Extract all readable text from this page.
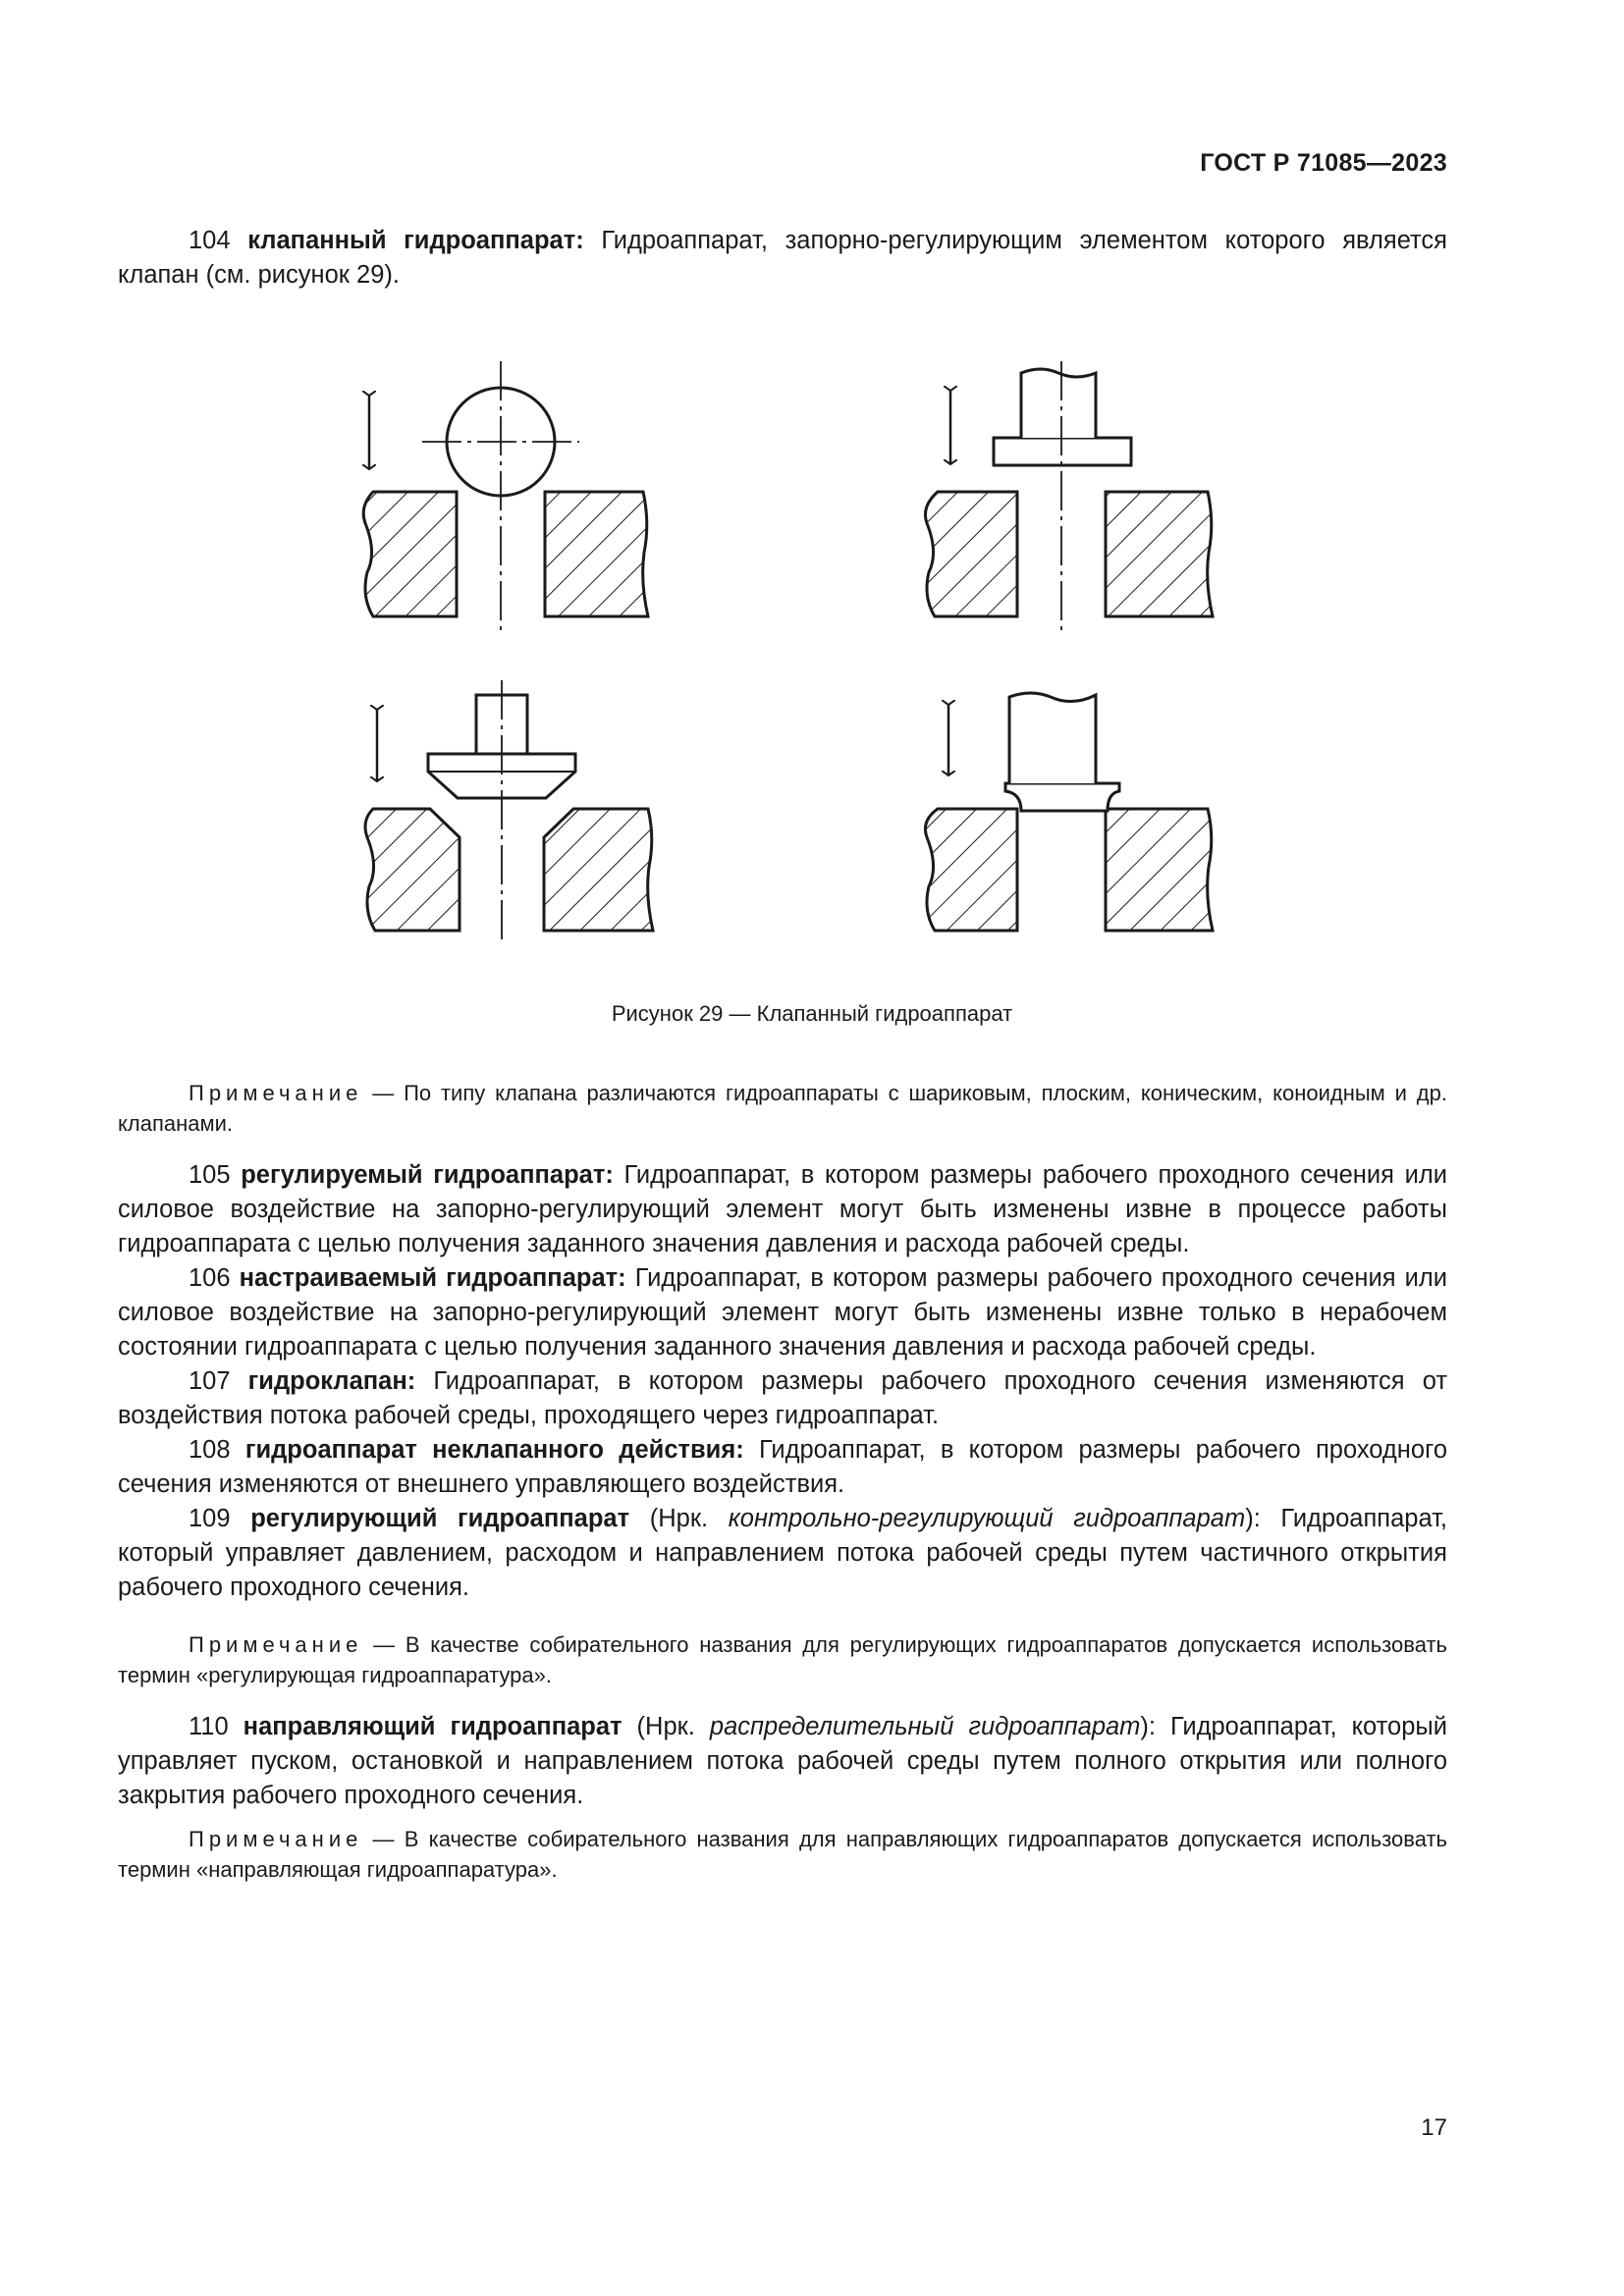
ГОСТ Р 71085—2023

104 клапанный гидроаппарат: Гидроаппарат, запорно-регулирующим элементом которого является клапан (см. рисунок 29).

Рисунок 29 — Клапанный гидроаппарат

Примечание — По типу клапана различаются гидроаппараты с шариковым, плоским, коническим, коноидным и др. клапанами.

105 регулируемый гидроаппарат: Гидроаппарат, в котором размеры рабочего проходного сечения или силовое воздействие на запорно-регулирующий элемент могут быть изменены извне в процессе работы гидроаппарата с целью получения заданного значения давления и расхода рабочей среды.

106 настраиваемый гидроаппарат: Гидроаппарат, в котором размеры рабочего проходного сечения или силовое воздействие на запорно-регулирующий элемент могут быть изменены извне только в нерабочем состоянии гидроаппарата с целью получения заданного значения давления и расхода рабочей среды.

107 гидроклапан: Гидроаппарат, в котором размеры рабочего проходного сечения изменяются от воздействия потока рабочей среды, проходящего через гидроаппарат.

108 гидроаппарат неклапанного действия: Гидроаппарат, в котором размеры рабочего проходного сечения изменяются от внешнего управляющего воздействия.

109 регулирующий гидроаппарат (Нрк. контрольно-регулирующий гидроаппарат): Гидроаппарат, который управляет давлением, расходом и направлением потока рабочей среды путем частичного открытия рабочего проходного сечения.

Примечание — В качестве собирательного названия для регулирующих гидроаппаратов допускается использовать термин «регулирующая гидроаппаратура».

110 направляющий гидроаппарат (Нрк. распределительный гидроаппарат): Гидроаппарат, который управляет пуском, остановкой и направлением потока рабочей среды путем полного открытия или полного закрытия рабочего проходного сечения.

Примечание — В качестве собирательного названия для направляющих гидроаппаратов допускается использовать термин «направляющая гидроаппаратура».

17
